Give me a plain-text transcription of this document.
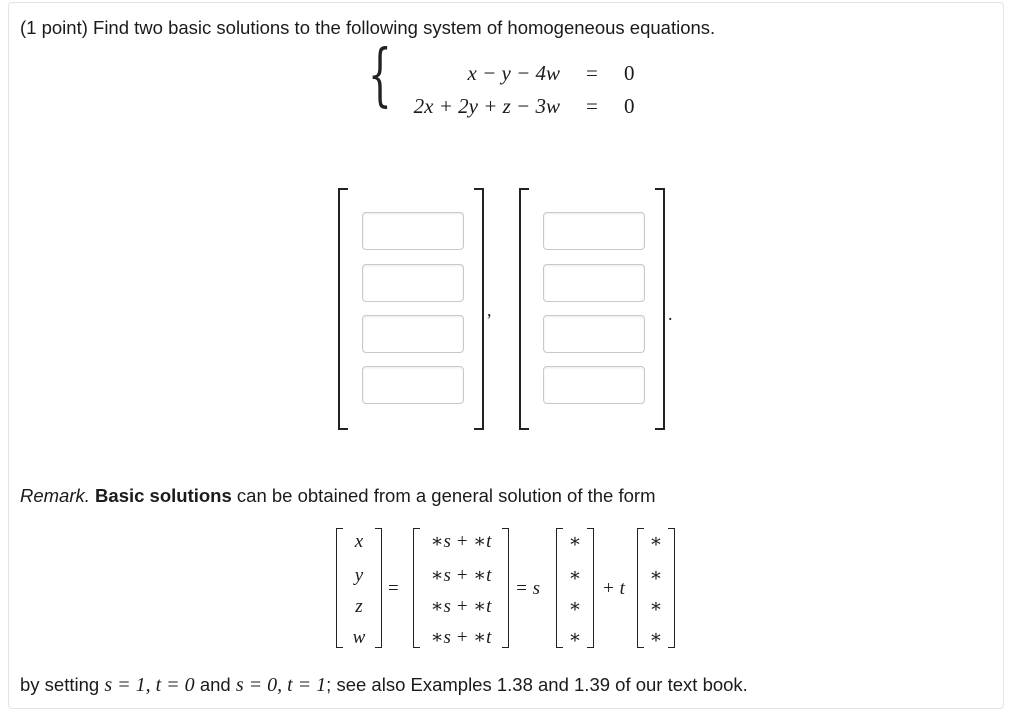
(1 point) Find two basic solutions to the following system of homogeneous equations.
{	x − y − 4w = 0
2x + 2y + z − 3w = 0
,	.
Remark. Basic solutions can be obtained from a general solution of the form
x
y
z
w
=
∗s + ∗t
∗s + ∗t
∗s + ∗t
∗s + ∗t
= s
∗
∗
∗
∗
+ t
∗
∗
∗
∗
by setting s = 1, t = 0 and s = 0, t = 1; see also Examples 1.38 and 1.39 of our text book.
